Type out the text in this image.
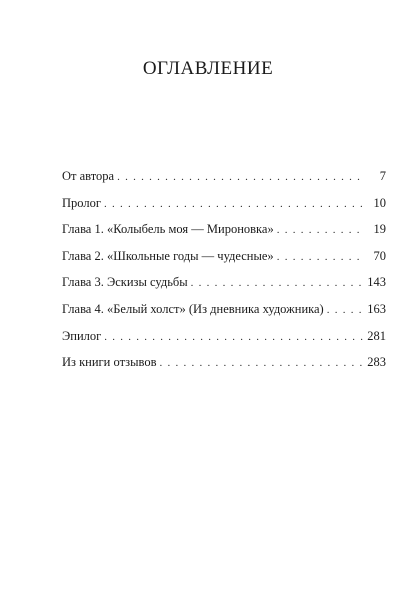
ОГЛАВЛЕНИЕ
От автора . . .	7
Пролог . . .	10
Глава 1. «Колыбель моя — Мироновка» . . .	19
Глава 2. «Школьные годы — чудесные» . . .	70
Глава 3. Эскизы судьбы . . .	143
Глава 4. «Белый холст» (Из дневника художника) . . .	163
Эпилог . . .	281
Из книги отзывов . . .	283
